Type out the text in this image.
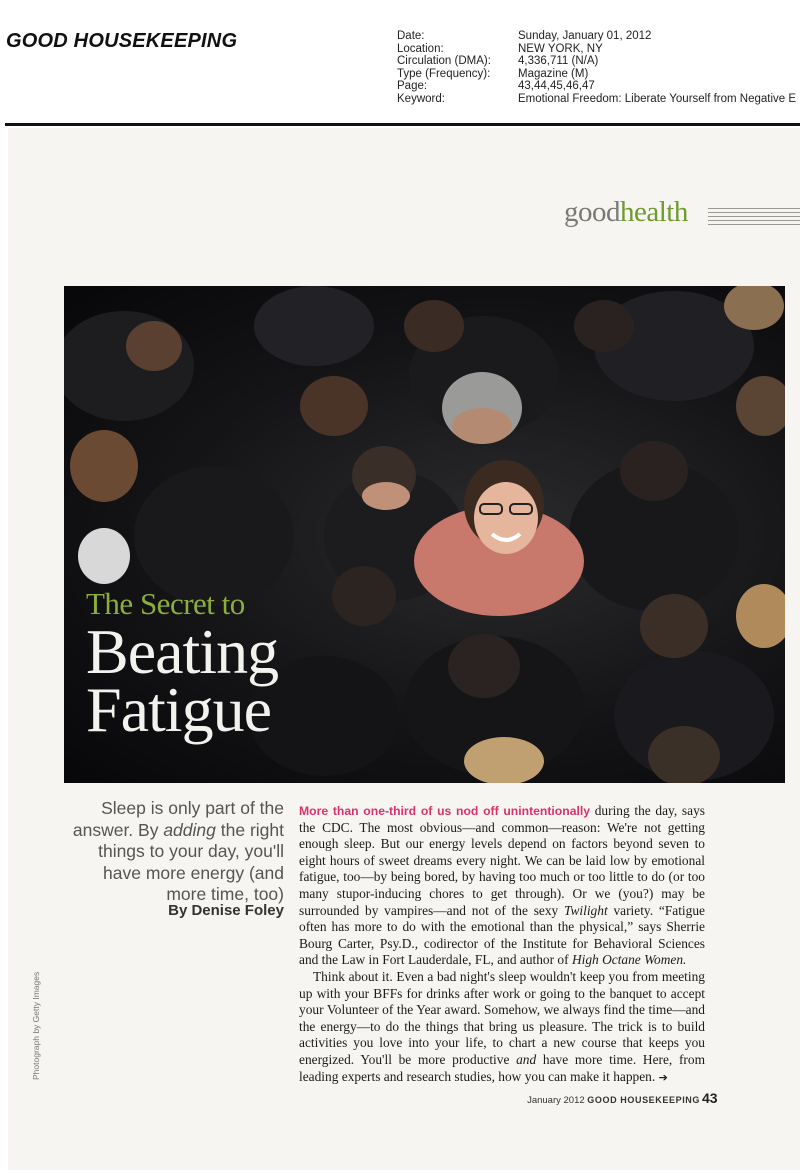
GOOD HOUSEKEEPING	Date:	Sunday, January 01, 2012
Location:	NEW YORK, NY
Circulation (DMA):	4,336,711 (N/A)
Type (Frequency):	Magazine (M)
Page:	43,44,45,46,47
Keyword:	Emotional Freedom: Liberate Yourself from Negative E
goodhealth
The Secret to
Beating
Fatigue
Sleep is only part of the answer. By adding the right things to your day, you'll have more energy (and more time, too)
By Denise Foley
Photograph by Getty Images

More than one-third of us nod off unintentionally during the day, says the CDC. The most obvious—and common—reason: We're not getting enough sleep. But our energy levels depend on factors beyond seven to eight hours of sweet dreams every night. We can be laid low by emotional fatigue, too—by being bored, by having too much or too little to do (or too many stupor-inducing chores to get through). Or we (you?) may be surrounded by vampires—and not of the sexy Twilight variety. “Fatigue often has more to do with the emotional than the physical,” says Sherrie Bourg Carter, Psy.D., codirector of the Institute for Behavioral Sciences and the Law in Fort Lauderdale, FL, and author of High Octane Women.

Think about it. Even a bad night's sleep wouldn't keep you from meeting up with your BFFs for drinks after work or going to the banquet to accept your Volunteer of the Year award. Somehow, we always find the time—and the energy—to do the things that bring us pleasure. The trick is to build activities you love into your life, to chart a new course that keeps you energized. You'll be more productive and have more time. Here, from leading experts and research studies, how you can make it happen. ➔

January 2012 GOOD HOUSEKEEPING 43
